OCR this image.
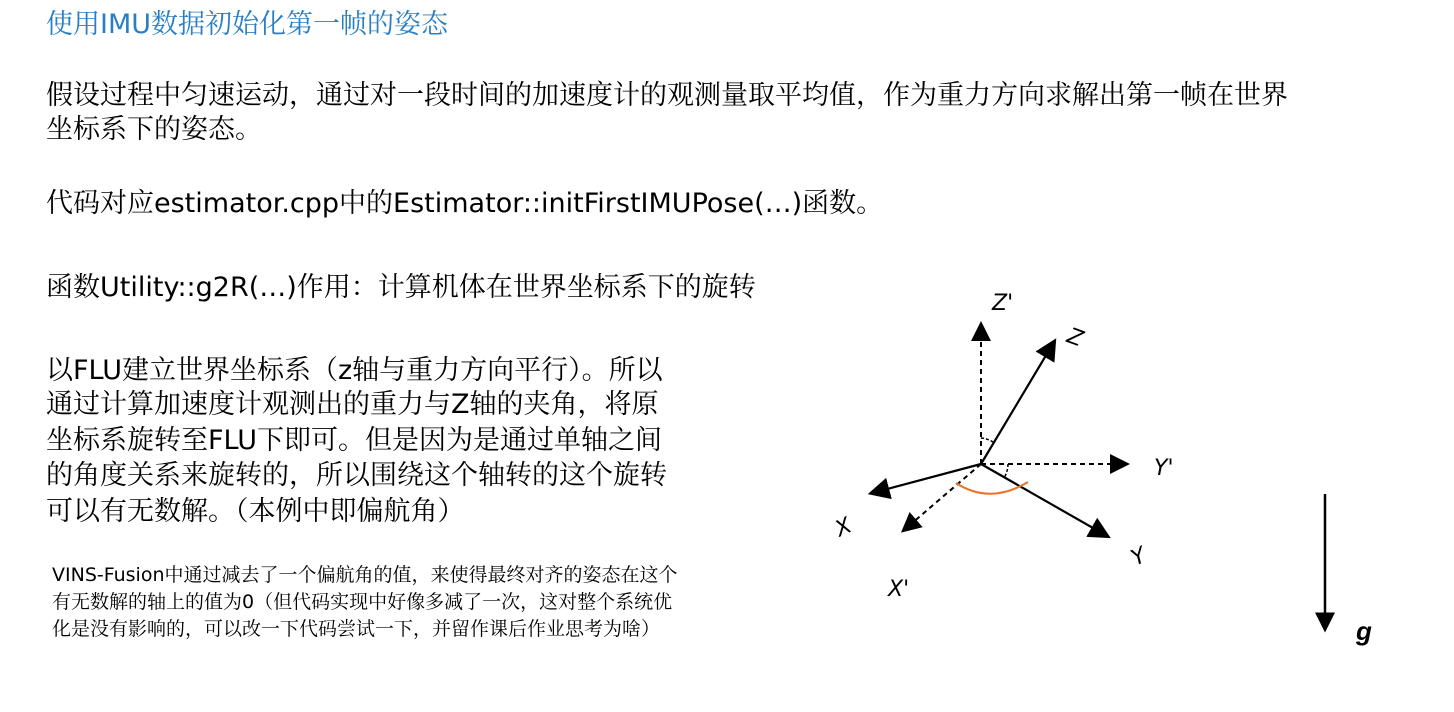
使用IMU数据初始化第一帧的姿态
假设过程中匀速运动，通过对一段时间的加速度计的观测量取平均值，作为重力方向求解出第一帧在世界
坐标系下的姿态。
代码对应estimator.cpp中的Estimator::initFirstIMUPose(…)函数。
函数Utility::g2R(…)作用：计算机体在世界坐标系下的旋转
以FLU建立世界坐标系（z轴与重力方向平行）。所以
通过计算加速度计观测出的重力与Z轴的夹角，将原
坐标系旋转至FLU下即可。但是因为是通过单轴之间
的角度关系来旋转的，所以围绕这个轴转的这个旋转
可以有无数解。（本例中即偏航角）
VINS-Fusion中通过减去了一个偏航角的值，来使得最终对齐的姿态在这个
有无数解的轴上的值为0（但代码实现中好像多减了一次，这对整个系统优
化是没有影响的，可以改一下代码尝试一下，并留作课后作业思考为啥）
Z'
Z
Y'
Y
X
X'
g
